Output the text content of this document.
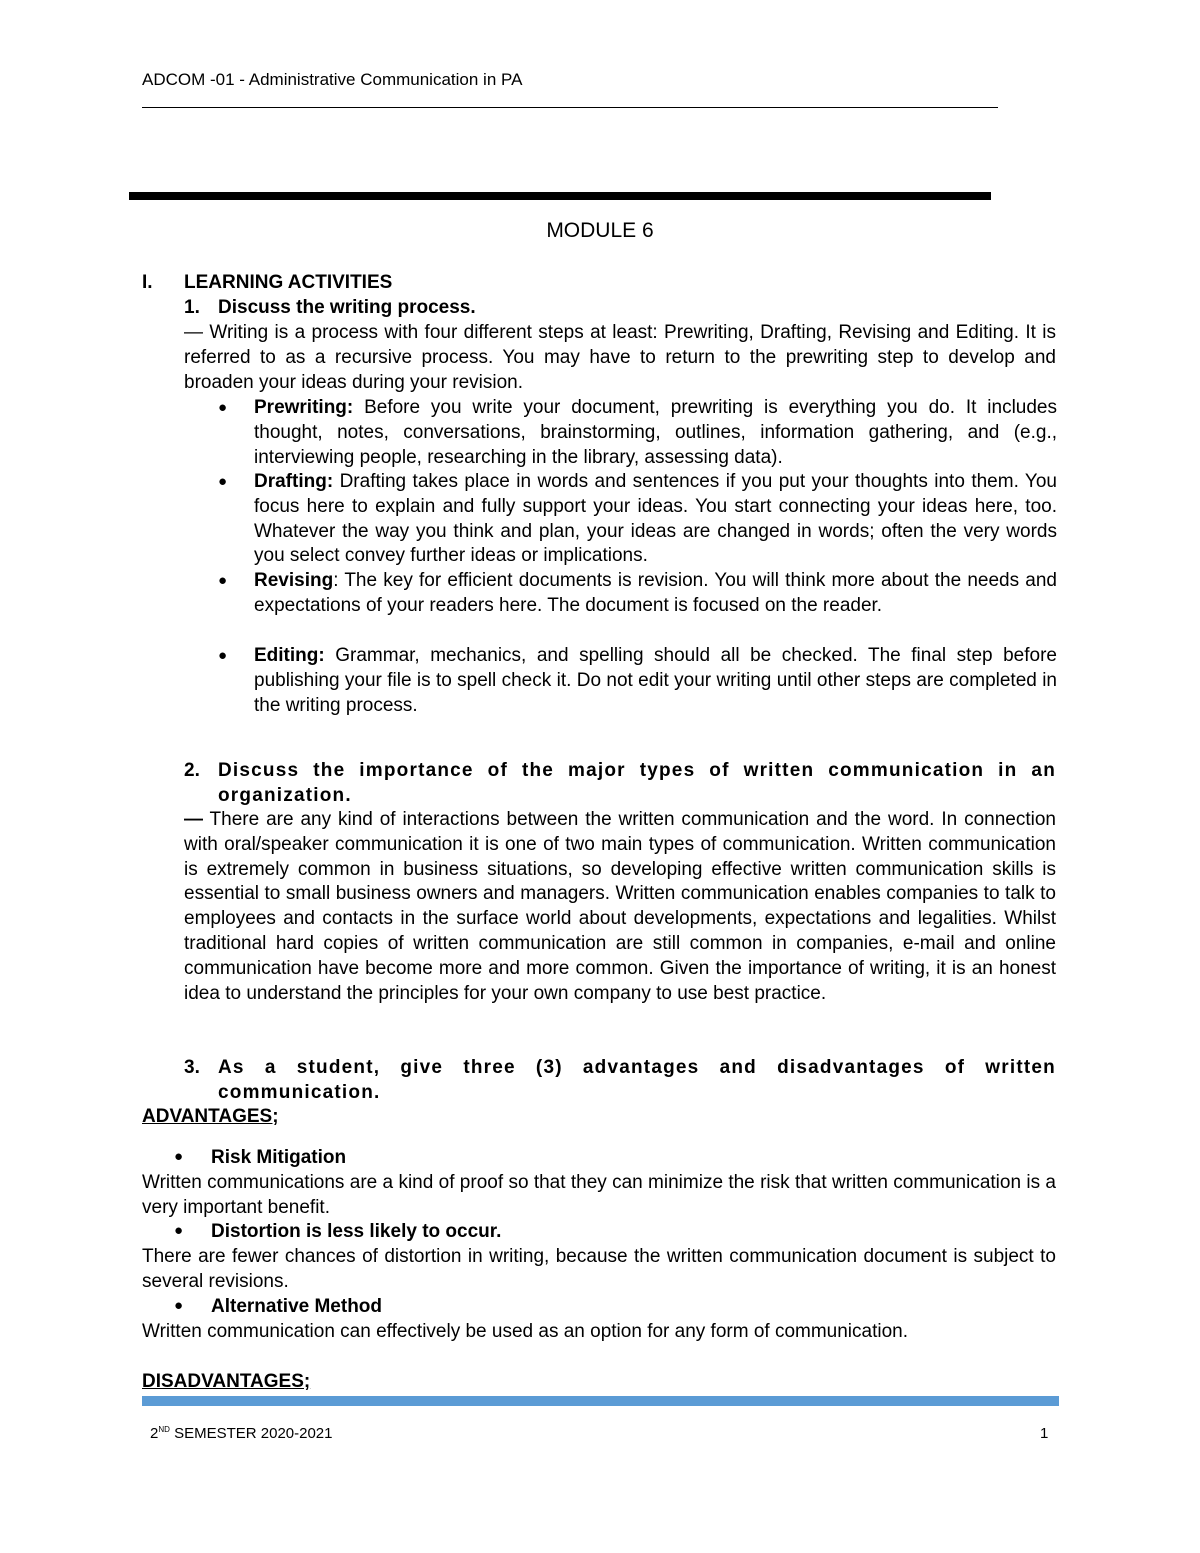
ADCOM -01 - Administrative Communication in PA
MODULE 6
I. LEARNING ACTIVITIES
1. Discuss the writing process.
— Writing is a process with four different steps at least: Prewriting, Drafting, Revising and Editing. It is referred to as a recursive process. You may have to return to the prewriting step to develop and broaden your ideas during your revision.
● Prewriting: Before you write your document, prewriting is everything you do. It includes thought, notes, conversations, brainstorming, outlines, information gathering, and (e.g., interviewing people, researching in the library, assessing data).
● Drafting: Drafting takes place in words and sentences if you put your thoughts into them. You focus here to explain and fully support your ideas. You start connecting your ideas here, too. Whatever the way you think and plan, your ideas are changed in words; often the very words you select convey further ideas or implications.
● Revising: The key for efficient documents is revision. You will think more about the needs and expectations of your readers here. The document is focused on the reader.
● Editing: Grammar, mechanics, and spelling should all be checked. The final step before publishing your file is to spell check it. Do not edit your writing until other steps are completed in the writing process.
2. Discuss the importance of the major types of written communication in an organization.
— There are any kind of interactions between the written communication and the word. In connection with oral/speaker communication it is one of two main types of communication. Written communication is extremely common in business situations, so developing effective written communication skills is essential to small business owners and managers. Written communication enables companies to talk to employees and contacts in the surface world about developments, expectations and legalities. Whilst traditional hard copies of written communication are still common in companies, e-mail and online communication have become more and more common. Given the importance of writing, it is an honest idea to understand the principles for your own company to use best practice.
3. As a student, give three (3) advantages and disadvantages of written communication.
ADVANTAGES;
● Risk Mitigation
Written communications are a kind of proof so that they can minimize the risk that written communication is a very important benefit.
● Distortion is less likely to occur.
There are fewer chances of distortion in writing, because the written communication document is subject to several revisions.
● Alternative Method
Written communication can effectively be used as an option for any form of communication.
DISADVANTAGES;
2ND SEMESTER 2020-2021	1
